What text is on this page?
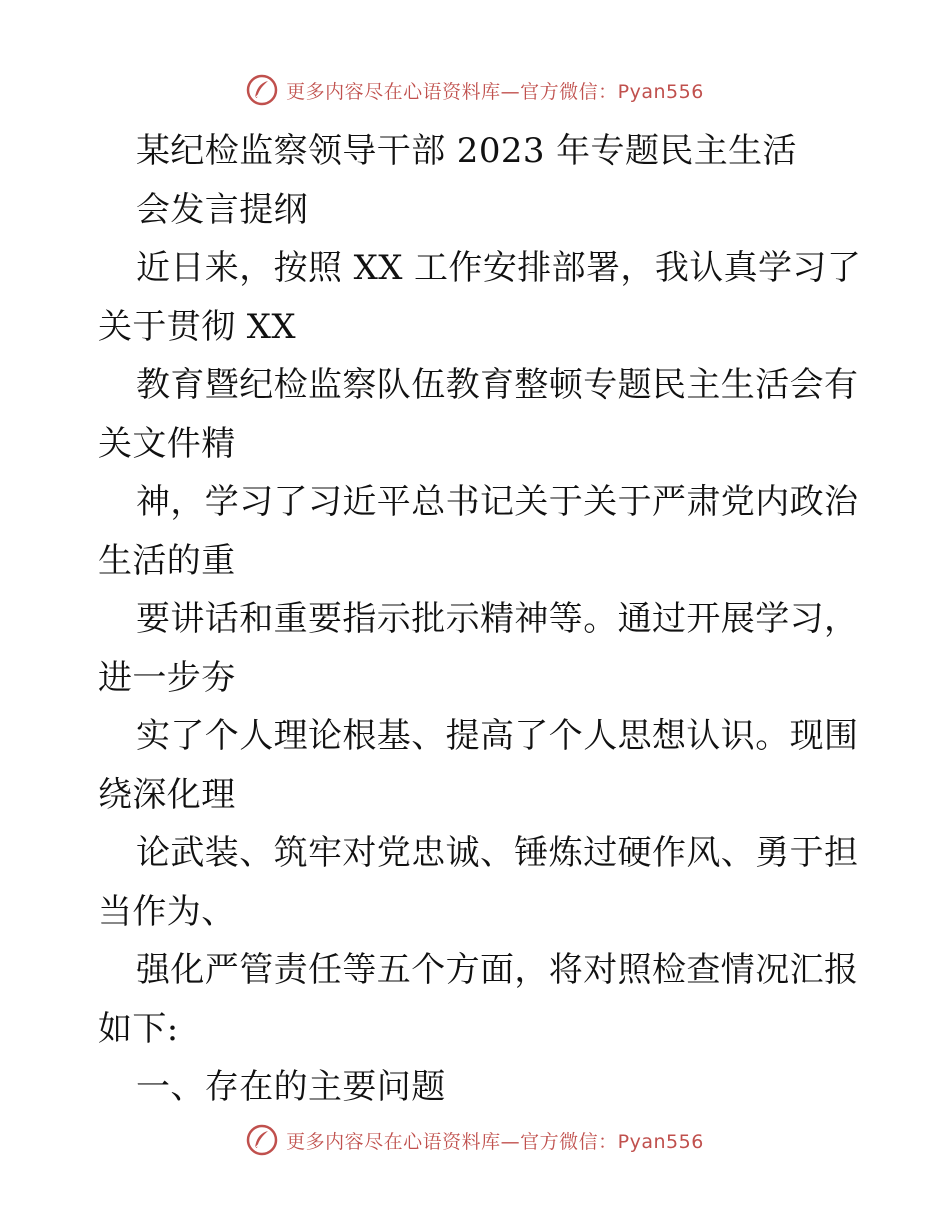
更多内容尽在心语资料库—官方微信：Pyan556
某纪检监察领导干部 2023 年专题民主生活
会发言提纲
近日来，按照 XX 工作安排部署，我认真学习了
关于贯彻 XX
教育暨纪检监察队伍教育整顿专题民主生活会有
关文件精
神，学习了习近平总书记关于关于严肃党内政治
生活的重
要讲话和重要指示批示精神等。通过开展学习，
进一步夯
实了个人理论根基、提高了个人思想认识。现围
绕深化理
论武装、筑牢对党忠诚、锤炼过硬作风、勇于担
当作为、
强化严管责任等五个方面，将对照检查情况汇报
如下:
一、存在的主要问题
更多内容尽在心语资料库—官方微信：Pyan556
